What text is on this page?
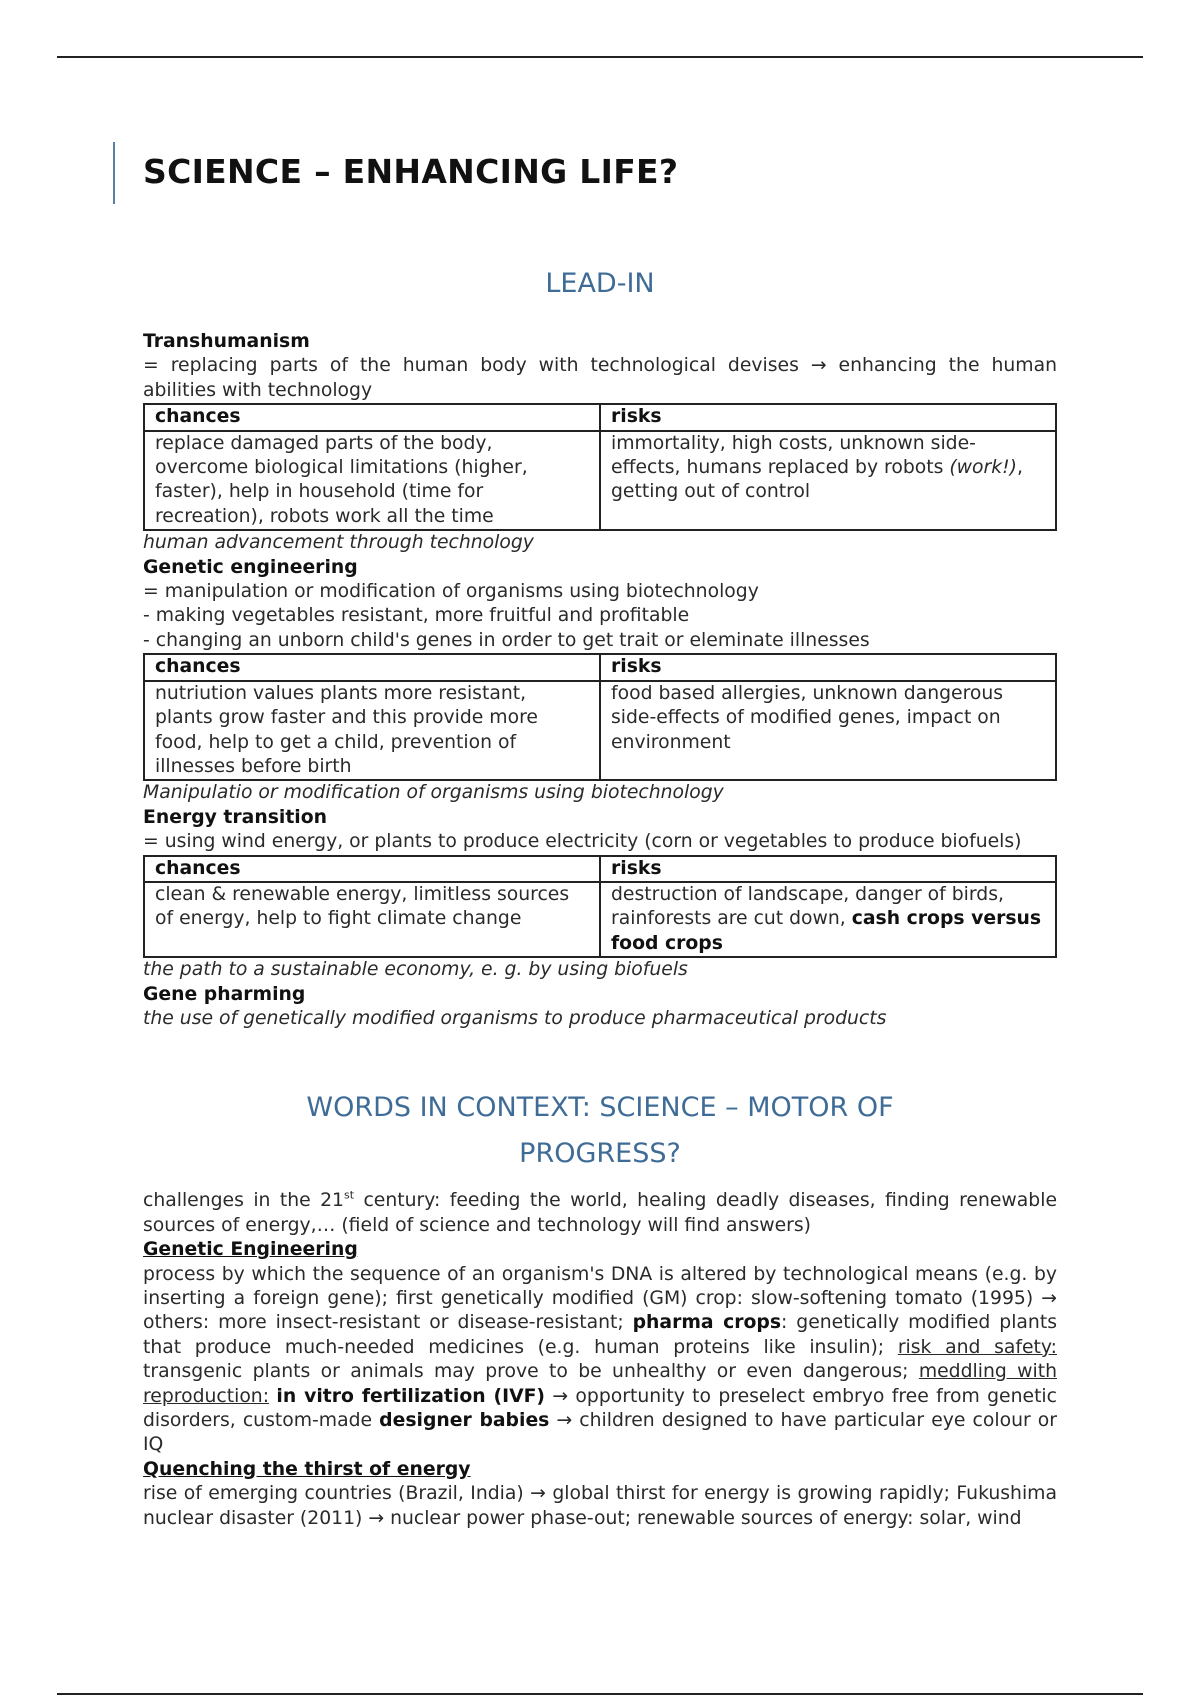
SCIENCE – ENHANCING LIFE?
LEAD-IN

Transhumanism

= replacing parts of the human body with technological devises → enhancing the human abilities with technology

chances	risks
replace damaged parts of the body, overcome biological limitations (higher, faster), help in household (time for recreation), robots work all the time	immortality, high costs, unknown side-effects, humans replaced by robots (work!), getting out of control

human advancement through technology

Genetic engineering

= manipulation or modification of organisms using biotechnology

- making vegetables resistant, more fruitful and profitable

- changing an unborn child's genes in order to get trait or eleminate illnesses

chances	risks
nutriution values plants more resistant, plants grow faster and this provide more food, help to get a child, prevention of illnesses before birth	food based allergies, unknown dangerous side-effects of modified genes, impact on environment

Manipulatio or modification of organisms using biotechnology

Energy transition

= using wind energy, or plants to produce electricity (corn or vegetables to produce biofuels)

chances	risks
clean & renewable energy, limitless sources of energy, help to fight climate change	destruction of landscape, danger of birds, rainforests are cut down, cash crops versus food crops

the path to a sustainable economy, e. g. by using biofuels

Gene pharming

the use of genetically modified organisms to produce pharmaceutical products

WORDS IN CONTEXT: SCIENCE – MOTOR OF
PROGRESS?

challenges in the 21st century: feeding the world, healing deadly diseases, finding renewable sources of energy,… (field of science and technology will find answers)

Genetic Engineering

process by which the sequence of an organism's DNA is altered by technological means (e.g. by inserting a foreign gene); first genetically modified (GM) crop: slow-softening tomato (1995) → others: more insect-resistant or disease-resistant; pharma crops: genetically modified plants that produce much-needed medicines (e.g. human proteins like insulin); risk and safety: transgenic plants or animals may prove to be unhealthy or even dangerous; meddling with reproduction: in vitro fertilization (IVF) → opportunity to preselect embryo free from genetic disorders, custom-made designer babies → children designed to have particular eye colour or IQ

Quenching the thirst of energy

rise of emerging countries (Brazil, India) → global thirst for energy is growing rapidly; Fukushima nuclear disaster (2011) → nuclear power phase-out; renewable sources of energy: solar, wind
